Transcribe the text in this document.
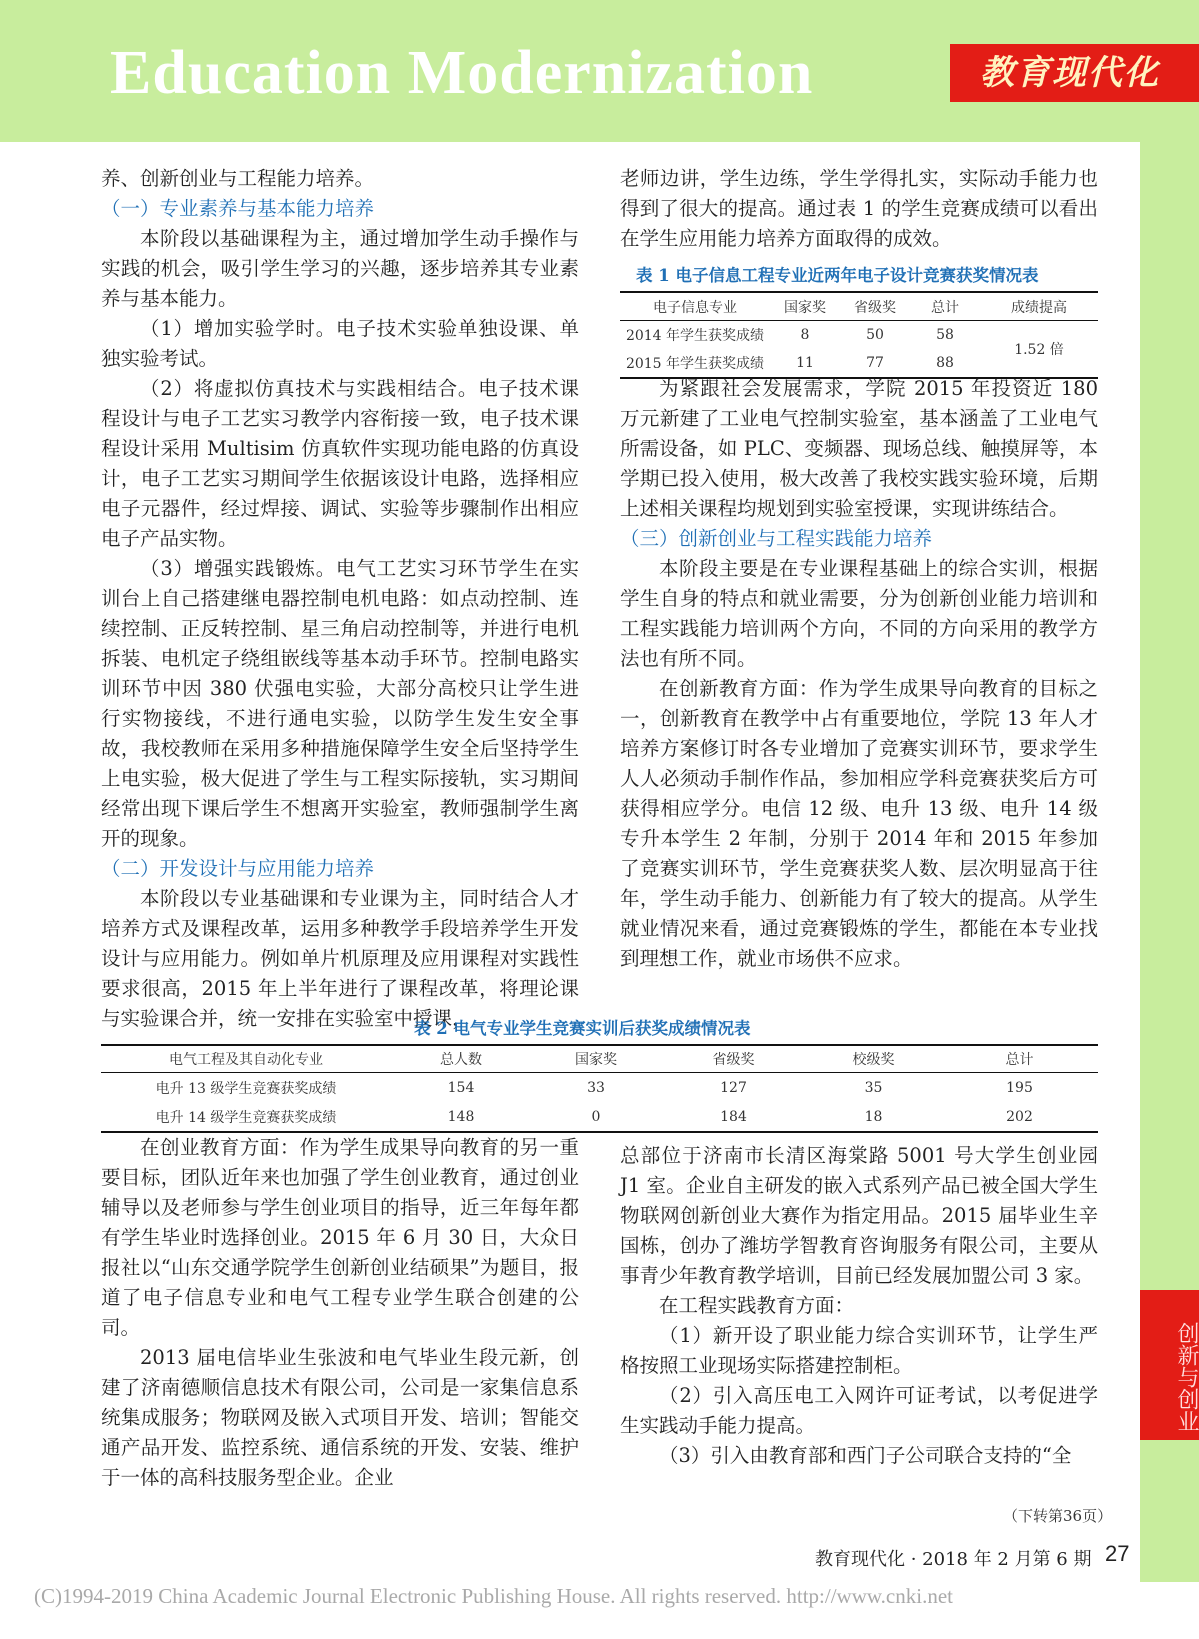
Education Modernization	教育现代化
创新与创业

养、创新创业与工程能力培养。

（一）专业素养与基本能力培养

本阶段以基础课程为主，通过增加学生动手操作与实践的机会，吸引学生学习的兴趣，逐步培养其专业素养与基本能力。

（1）增加实验学时。电子技术实验单独设课、单独实验考试。

（2）将虚拟仿真技术与实践相结合。电子技术课程设计与电子工艺实习教学内容衔接一致，电子技术课程设计采用 Multisim 仿真软件实现功能电路的仿真设计，电子工艺实习期间学生依据该设计电路，选择相应电子元器件，经过焊接、调试、实验等步骤制作出相应电子产品实物。

（3）增强实践锻炼。电气工艺实习环节学生在实训台上自己搭建继电器控制电机电路：如点动控制、连续控制、正反转控制、星三角启动控制等，并进行电机拆装、电机定子绕组嵌线等基本动手环节。控制电路实训环节中因 380 伏强电实验，大部分高校只让学生进行实物接线，不进行通电实验，以防学生发生安全事故，我校教师在采用多种措施保障学生安全后坚持学生上电实验，极大促进了学生与工程实际接轨，实习期间经常出现下课后学生不想离开实验室，教师强制学生离开的现象。

（二）开发设计与应用能力培养

本阶段以专业基础课和专业课为主，同时结合人才培养方式及课程改革，运用多种教学手段培养学生开发设计与应用能力。例如单片机原理及应用课程对实践性要求很高，2015 年上半年进行了课程改革，将理论课与实验课合并，统一安排在实验室中授课，

老师边讲，学生边练，学生学得扎实，实际动手能力也得到了很大的提高。通过表 1 的学生竞赛成绩可以看出在学生应用能力培养方面取得的成效。

表 1 电子信息工程专业近两年电子设计竞赛获奖情况表
电子信息专业	国家奖	省级奖	总计	成绩提高
2014 年学生获奖成绩	8	50	58	1.52 倍
2015 年学生获奖成绩	11	77	88	

为紧跟社会发展需求，学院 2015 年投资近 180 万元新建了工业电气控制实验室，基本涵盖了工业电气所需设备，如 PLC、变频器、现场总线、触摸屏等，本学期已投入使用，极大改善了我校实践实验环境，后期上述相关课程均规划到实验室授课，实现讲练结合。

（三）创新创业与工程实践能力培养

本阶段主要是在专业课程基础上的综合实训，根据学生自身的特点和就业需要，分为创新创业能力培训和工程实践能力培训两个方向，不同的方向采用的教学方法也有所不同。

在创新教育方面：作为学生成果导向教育的目标之一，创新教育在教学中占有重要地位，学院 13 年人才培养方案修订时各专业增加了竞赛实训环节，要求学生人人必须动手制作作品，参加相应学科竞赛获奖后方可获得相应学分。电信 12 级、电升 13 级、电升 14 级专升本学生 2 年制，分别于 2014 年和 2015 年参加了竞赛实训环节，学生竞赛获奖人数、层次明显高于往年，学生动手能力、创新能力有了较大的提高。从学生就业情况来看，通过竞赛锻炼的学生，都能在本专业找到理想工作，就业市场供不应求。

表 2 电气专业学生竞赛实训后获奖成绩情况表
电气工程及其自动化专业	总人数	国家奖	省级奖	校级奖	总计
电升 13 级学生竞赛获奖成绩	154	33	127	35	195
电升 14 级学生竞赛获奖成绩	148	0	184	18	202

在创业教育方面：作为学生成果导向教育的另一重要目标，团队近年来也加强了学生创业教育，通过创业辅导以及老师参与学生创业项目的指导，近三年每年都有学生毕业时选择创业。2015 年 6 月 30 日，大众日报社以“山东交通学院学生创新创业结硕果”为题目，报道了电子信息专业和电气工程专业学生联合创建的公司。

2013 届电信毕业生张波和电气毕业生段元新，创建了济南德顺信息技术有限公司，公司是一家集信息系统集成服务；物联网及嵌入式项目开发、培训；智能交通产品开发、监控系统、通信系统的开发、安装、维护于一体的高科技服务型企业。企业

总部位于济南市长清区海棠路 5001 号大学生创业园 J1 室。企业自主研发的嵌入式系列产品已被全国大学生物联网创新创业大赛作为指定用品。2015 届毕业生辛国栋，创办了潍坊学智教育咨询服务有限公司，主要从事青少年教育教学培训，目前已经发展加盟公司 3 家。

在工程实践教育方面：

（1）新开设了职业能力综合实训环节，让学生严格按照工业现场实际搭建控制柜。

（2）引入高压电工入网许可证考试，以考促进学生实践动手能力提高。

（3）引入由教育部和西门子公司联合支持的“全

（下转第36页）
教育现代化 · 2018 年 2 月第 6 期 27
(C)1994-2019 China Academic Journal Electronic Publishing House. All rights reserved. http://www.cnki.net
